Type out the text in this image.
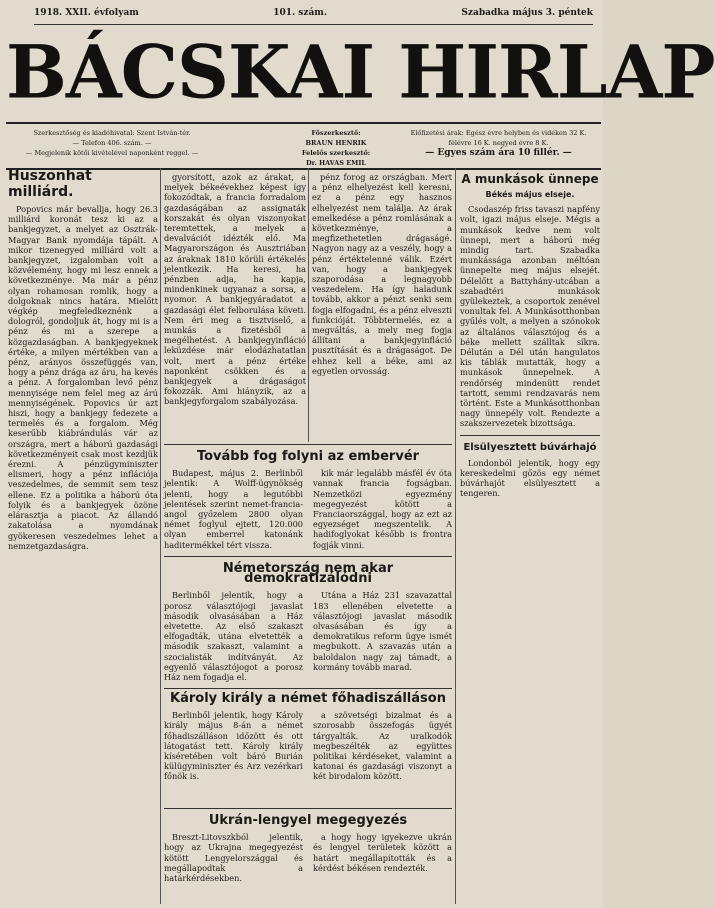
1918. XXII. évfolyam	101. szám.	Szabadka május 3. péntek
BÁCSKAI HIRLAP
Szerkesztőség és kiadóhivatal: Szent István-tér.
— Telefon 406. szám. —
— Megjelenik kötői kivételével naponként reggel. —
Főszerkesztő:
BRAUN HENRIK
Felelős szerkesztő:
Dr. HAVAS EMIL
Előfizetési árak: Egész évre helyben és vidéken 32 K.
félévre 16 K. negyed évre 8 K.
— Egyes szám ára 10 fillér. —
Huszonhat milliárd.

Popovics már bevallja, hogy 26.3 milliárd koronát tesz ki az a bankjegyzet, a melyet az Osztrák-Magyar Bank nyomdája tápált. A mikor tizenegyed milliárd volt a bankjegyzet, izgalomban volt a közvélemény, hogy mi lesz ennek a következménye. Ma már a pénz olyan rohamosan romlik, hogy a dolgoknak nincs határa. Mielőtt végkép megfeledkeznénk a dologról, gondoljuk át, hogy mi is a pénz és mi a szerepe a közgazdaságban. A bankjegyeknek értéke, a milyen mértékben van a pénz, arányos összefüggés van, hogy a pénz drága az áru, ha kevés a pénz. A forgalomban levő pénz mennyisége nem felel meg az árú mennyiségének. Popovics úr azt hiszi, hogy a bankjegy fedezete a termelés és a forgalom. Még keserűbb kiábrándulás vár az országra, mert a háború gazdasági következményeit csak most kezdjük érezni. A pénzügyminiszter elismeri, hogy a pénz inflációja veszedelmes, de semmit sem tesz ellene. Ez a politika a háború óta folyik és a bankjegyek özöne elárasztja a piacot. Az állandó zakatolása a nyomdának gyökeresen veszedelmes lehet a nemzetgazdaságra.

gyorsított, azok az árakat, a melyek békeévekhez képest így fokozódtak, a francia forradalom gazdaságában az assignaták korszakát és olyan viszonyokat teremtettek, a melyek a devalvációt idézték elő. Ma Magyarországon és Ausztriában az áraknak 1810 körüli értékelés jelentkezik. Ha keresi, ha pénzben adja, ha kapja, mindenkinek ugyanaz a sorsa, a nyomor. A bankjegyáradatot a gazdasági élet felborulása követi. Nem éri meg a tisztviselő, a munkás a fizetésből a megélhetést. A bankjegyinfláció leküzdése már elodázhatatlan volt, mert a pénz értéke naponként csökken és a bankjegyek a drágaságot fokozzák. Ami hiányzik, az a bankjegyforgalom szabályozása.

pénz forog az országban. Mert a pénz elhelyezést kell keresni, ez a pénz egy hasznos elhelyezést nem találja. Az árak emelkedése a pénz romlásának a következménye, a megfizethetetlen drágaságé. Nagyon nagy az a veszély, hogy a pénz értéktelenné válik. Ezért van, hogy a bankjegyek szaporodása a legnagyobb veszedelem. Ha így haladunk tovább, akkor a pénzt senki sem fogja elfogadni, és a pénz elveszti funkcióját. Többtermelés, ez a megváltás, a mely meg fogja állítani a bankjegyinfláció pusztítását és a drágaságot. De ehhez kell a béke, ami az egyetlen orvosság.

A munkások ünnepe
Békés május elseje.

Csodaszép friss tavaszi napfény volt, igazi május elseje. Mégis a munkások kedve nem volt ünnepi, mert a háború még mindig tart. Szabadka munkássága azonban méltóan ünnepelte meg május elsejét. Délelőtt a Battyhány-utcában a szabadtéri munkások gyülekeztek, a csoportok zenével vonultak fel. A Munkásotthonban gyűlés volt, a melyen a szónokok az általános választójog és a béke mellett szálltak síkra. Délután a Dél után hangulatos kis táblák mutatták, hogy a munkások ünnepelnek. A rendőrség mindenütt rendet tartott, semmi rendzavarás nem történt. Este a Munkásotthonban nagy ünnepély volt. Rendezte a szakszervezetek bizottsága.

Elsülyesztett búvárhajó

Londonból jelentik, hogy egy kereskedelmi gőzös egy német búvárhajót elsülyesztett a tengeren.

Tovább fog folyni az embervér

Budapest, május 2. Berlinből jelentik: A Wolff-ügynökség jelenti, hogy a legutóbbi jelentések szerint nemet-francia-angol győzelem 2800 olyan német foglyul ejtett, 120.000 olyan emberrel katonánk haditermékkel tért vissza.

kik már legalább másfél év óta vannak francia fogságban. Nemzetközi egyezmény megegyezést kötött a Franciaországgal, hogy az ezt az egyezséget megszentelik. A hadifoglyokat később is frontra fogják vinni.

Németország nem akar demokratizálódni

Berlinből jelentik, hogy a porosz választójogi javaslat második olvasásában a Ház elvetette. Az első szakaszt elfogadták, utána elvetették a második szakaszt, valamint a szocialisták indítványát. Az egyenlő választójogot a porosz Ház nem fogadja el.

Utána a Ház 231 szavazattal 183 ellenében elvetette a választójogi javaslat második olvasásában és így a demokratikus reform ügye ismét megbukott. A szavazás után a baloldalon nagy zaj támadt, a kormány tovább marad.

Károly király a német főhadiszálláson

Berlinből jelentik, hogy Károly király május 8-án a német főhadiszálláson időzött és ott látogatást tett. Károly király kíséretében volt báró Burián külügyminiszter és Arz vezérkari főnök is.

a szövetségi bizalmat és a szorosabb összefogás ügyét tárgyalták. Az uralkodók megbeszélték az együttes politikai kérdéseket, valamint a katonai és gazdasági viszonyt a két birodalom között.

Ukrán-lengyel megegyezés

Breszt-Litovszkból jelentik, hogy az Ukrajna megegyezést kötött Lengyelországgal és megállapodtak a határkérdésekben.

a hogy hogy igyekezve ukrán és lengyel területek között a határt megállapították és a kérdést békésen rendezték.
